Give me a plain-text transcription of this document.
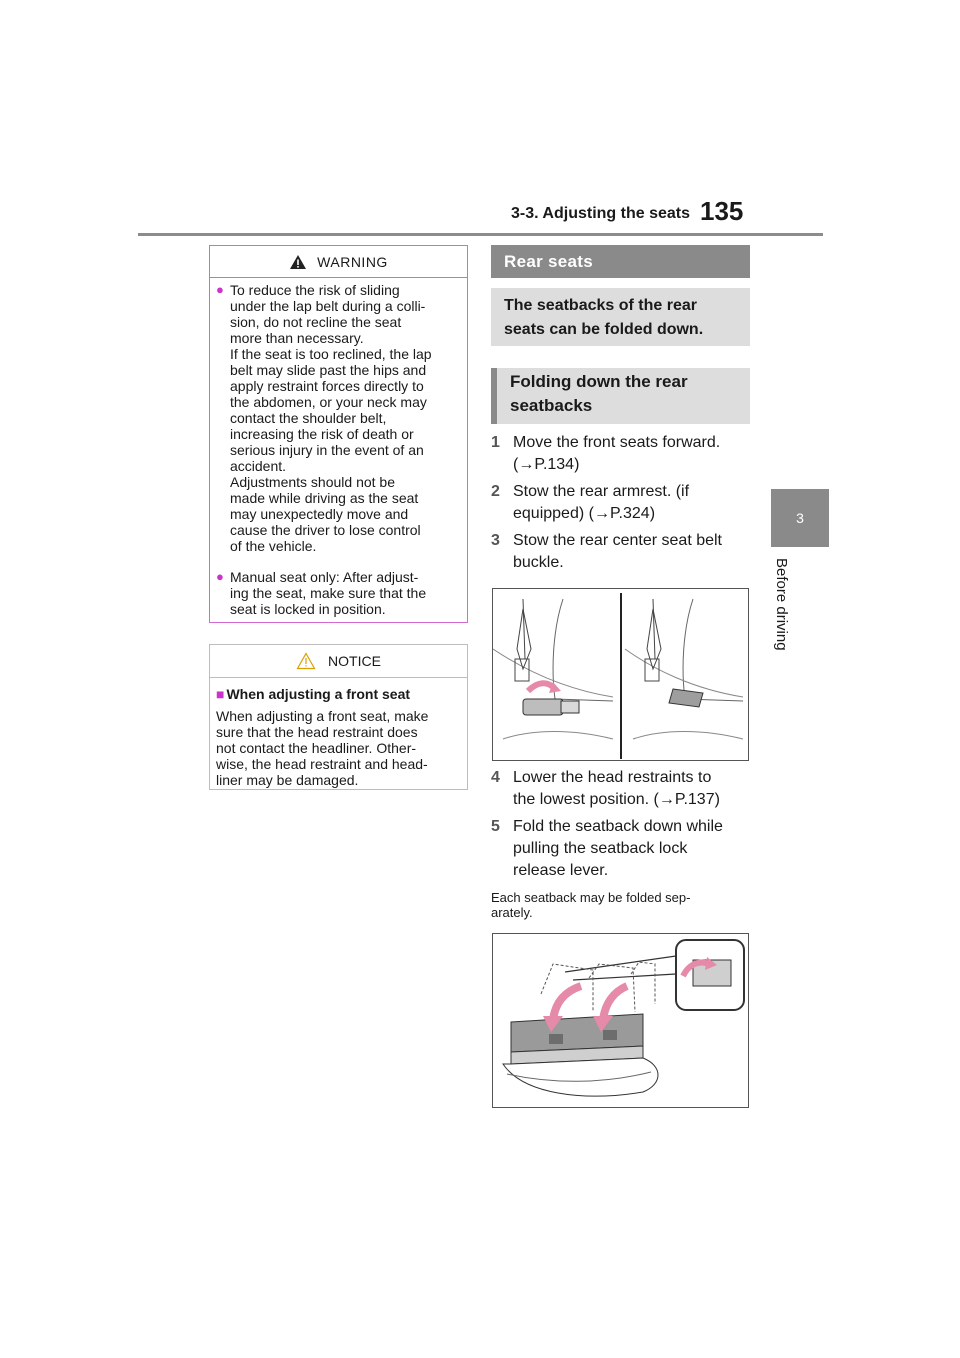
3-3. Adjusting the seats 135
3
Before driving
WARNING
● To reduce the risk of sliding
under the lap belt during a colli-
sion, do not recline the seat
more than necessary.
If the seat is too reclined, the lap
belt may slide past the hips and
apply restraint forces directly to
the abdomen, or your neck may
contact the shoulder belt,
increasing the risk of death or
serious injury in the event of an
accident.
Adjustments should not be
made while driving as the seat
may unexpectedly move and
cause the driver to lose control
of the vehicle.
● Manual seat only: After adjust-
ing the seat, make sure that the
seat is locked in position.
NOTICE
■ When adjusting a front seat
When adjusting a front seat, make
sure that the head restraint does
not contact the headliner. Other-
wise, the head restraint and head-
liner may be damaged.
Rear seats
The seatbacks of the rear
seats can be folded down.
Folding down the rear
seatbacks
1 Move the front seats forward.
(→P.134)
2 Stow the rear armrest. (if
equipped) (→P.324)
3 Stow the rear center seat belt
buckle.
4 Lower the head restraints to
the lowest position. (→P.137)
5 Fold the seatback down while
pulling the seatback lock
release lever.
Each seatback may be folded sep-
arately.
